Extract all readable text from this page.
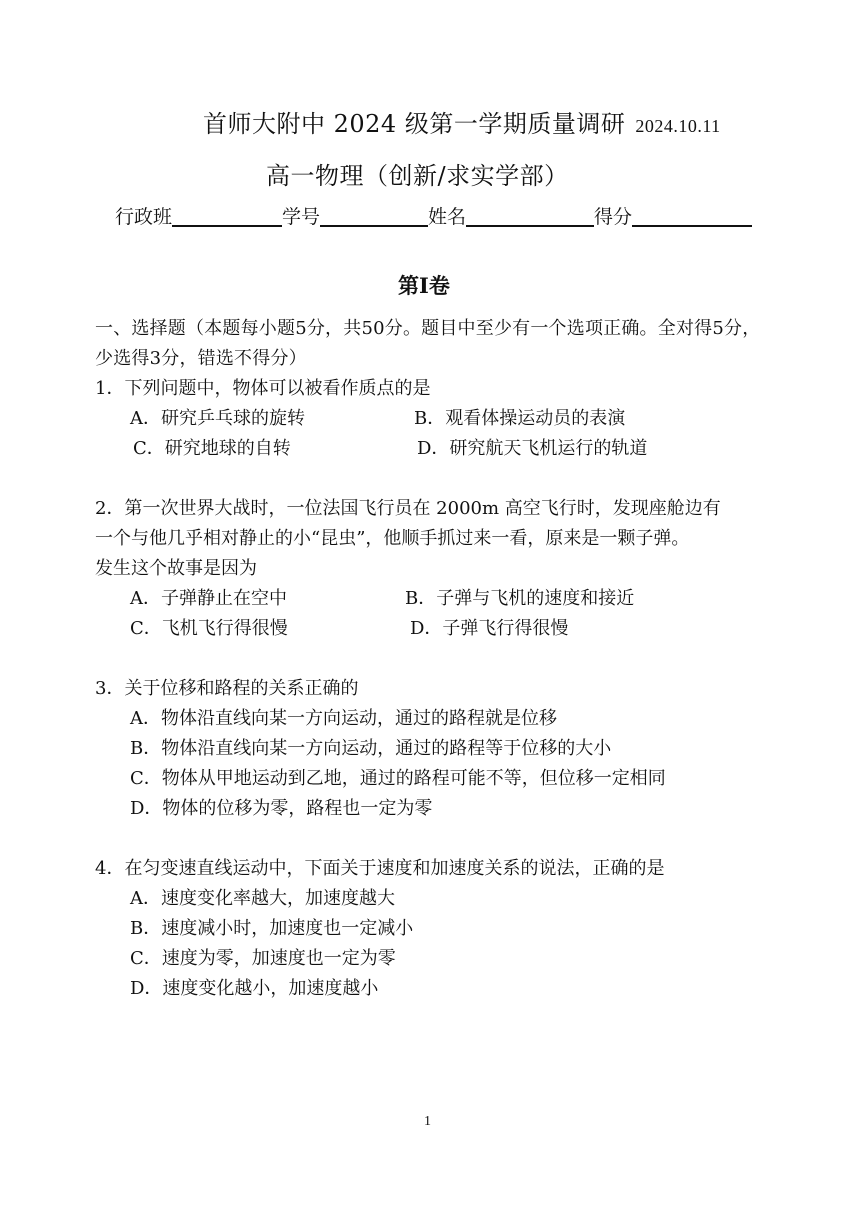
首师大附中 2024 级第一学期质量调研 2024.10.11
高一物理（创新/求实学部）
行政班	学号	姓名	得分
第Ⅰ卷
一、选择题（本题每小题5分，共50分。题目中至少有一个选项正确。全对得5分，少选得3分，错选不得分）
1．下列问题中，物体可以被看作质点的是
A．研究乒乓球的旋转	B．观看体操运动员的表演
C．研究地球的自转	D．研究航天飞机运行的轨道
2．第一次世界大战时，一位法国飞行员在 2000m 高空飞行时，发现座舱边有
一个与他几乎相对静止的小“昆虫”，他顺手抓过来一看，原来是一颗子弹。
发生这个故事是因为
A．子弹静止在空中	B．子弹与飞机的速度和接近
C．飞机飞行得很慢	D．子弹飞行得很慢
3．关于位移和路程的关系正确的
A．物体沿直线向某一方向运动，通过的路程就是位移
B．物体沿直线向某一方向运动，通过的路程等于位移的大小
C．物体从甲地运动到乙地，通过的路程可能不等，但位移一定相同
D．物体的位移为零，路程也一定为零
4．在匀变速直线运动中，下面关于速度和加速度关系的说法，正确的是
A．速度变化率越大，加速度越大
B．速度减小时，加速度也一定减小
C．速度为零，加速度也一定为零
D．速度变化越小，加速度越小
1
